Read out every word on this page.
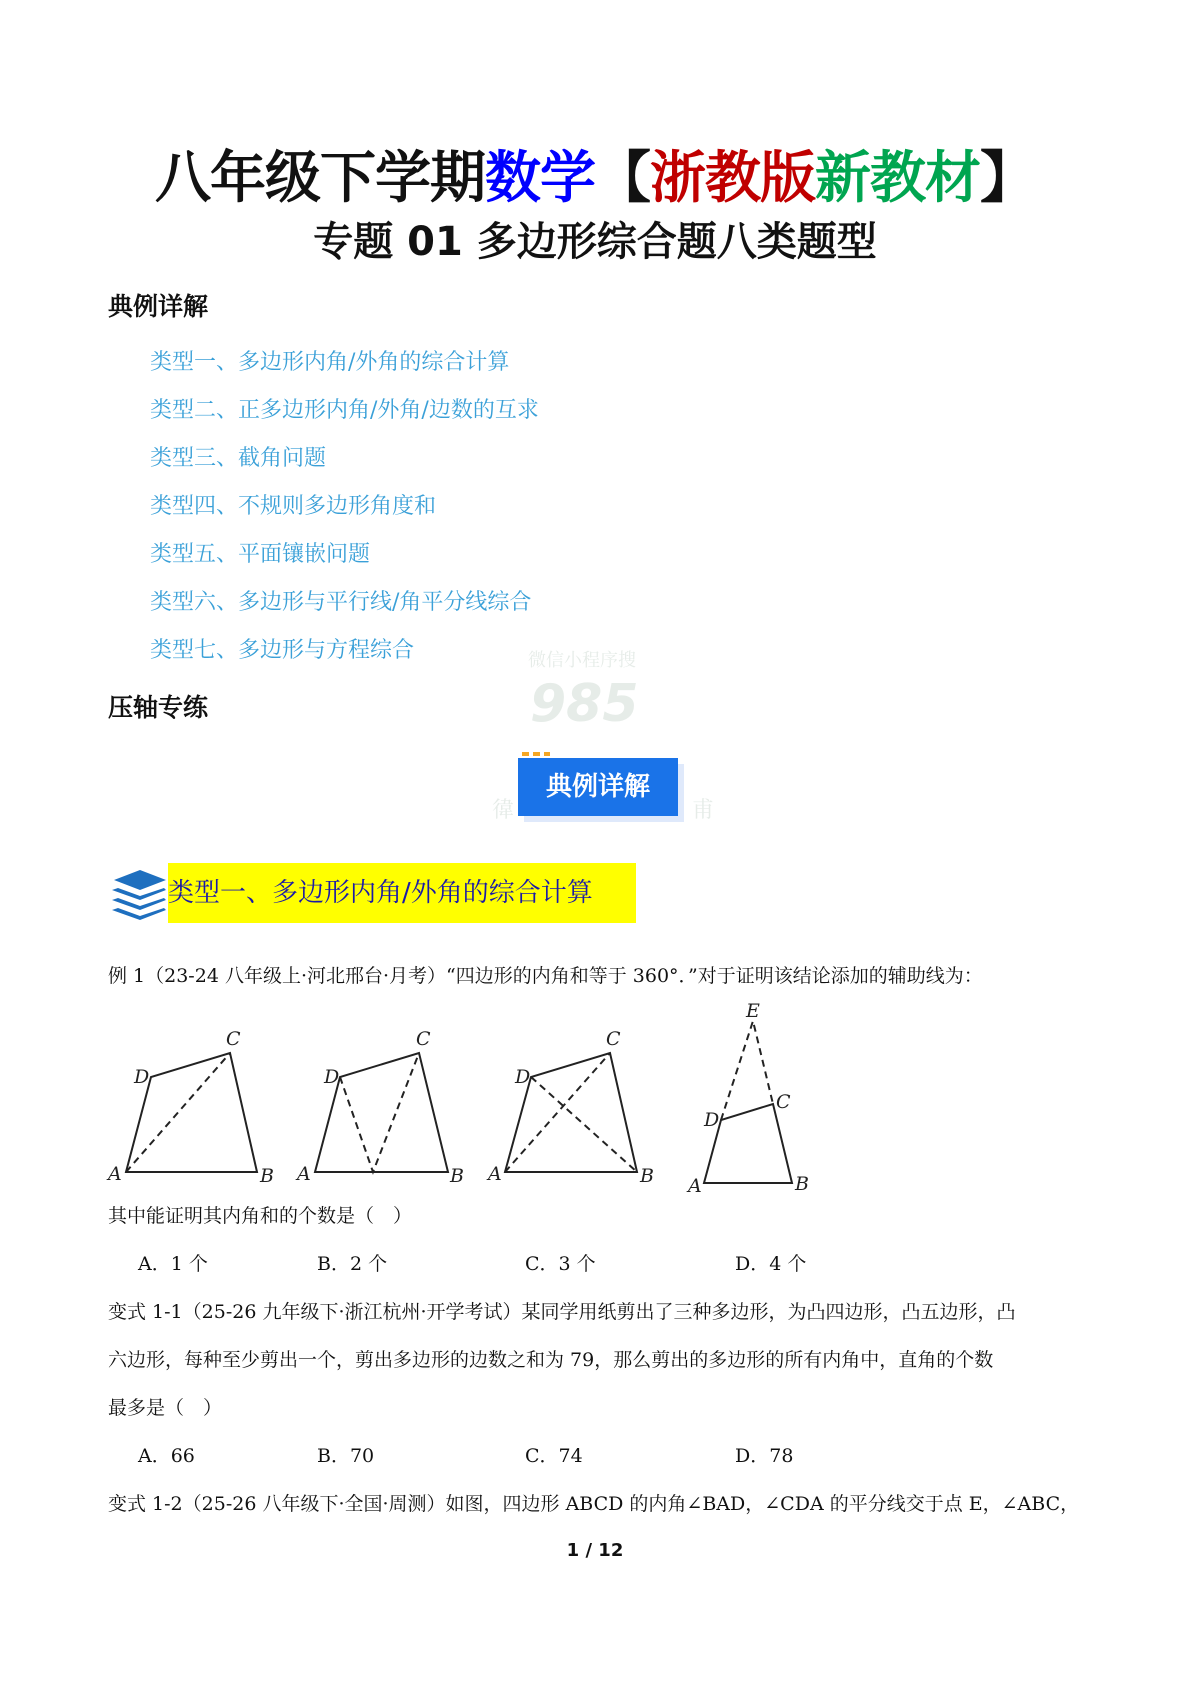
八年级下学期数学【浙教版新教材】
专题 01 多边形综合题八类题型
典例详解
类型一、多边形内角/外角的综合计算
类型二、正多边形内角/外角/边数的互求
类型三、截角问题
类型四、不规则多边形角度和
类型五、平面镶嵌问题
类型六、多边形与平行线/角平分线综合
类型七、多边形与方程综合
压轴专练
微信小程序搜
985
徫	甫
典例详解
类型一、多边形内角/外角的综合计算
例 1（23-24 八年级上·河北邢台·月考）“四边形的内角和等于 360°．”对于证明该结论添加的辅助线为：
A	B
C
D
A	B
C
D
A	B
C
D
A	B
C
D
E
其中能证明其内角和的个数是（　）
A．1 个	B．2 个	C．3 个	D．4 个
变式 1-1（25-26 九年级下·浙江杭州·开学考试）某同学用纸剪出了三种多边形，为凸四边形，凸五边形，凸
六边形，每种至少剪出一个，剪出多边形的边数之和为 79，那么剪出的多边形的所有内角中，直角的个数
最多是（　）
A．66	B．70	C．74	D．78
变式 1-2（25-26 八年级下·全国·周测）如图，四边形 ABCD 的内角∠BAD，∠CDA 的平分线交于点 E，∠ABC，
1 / 12
